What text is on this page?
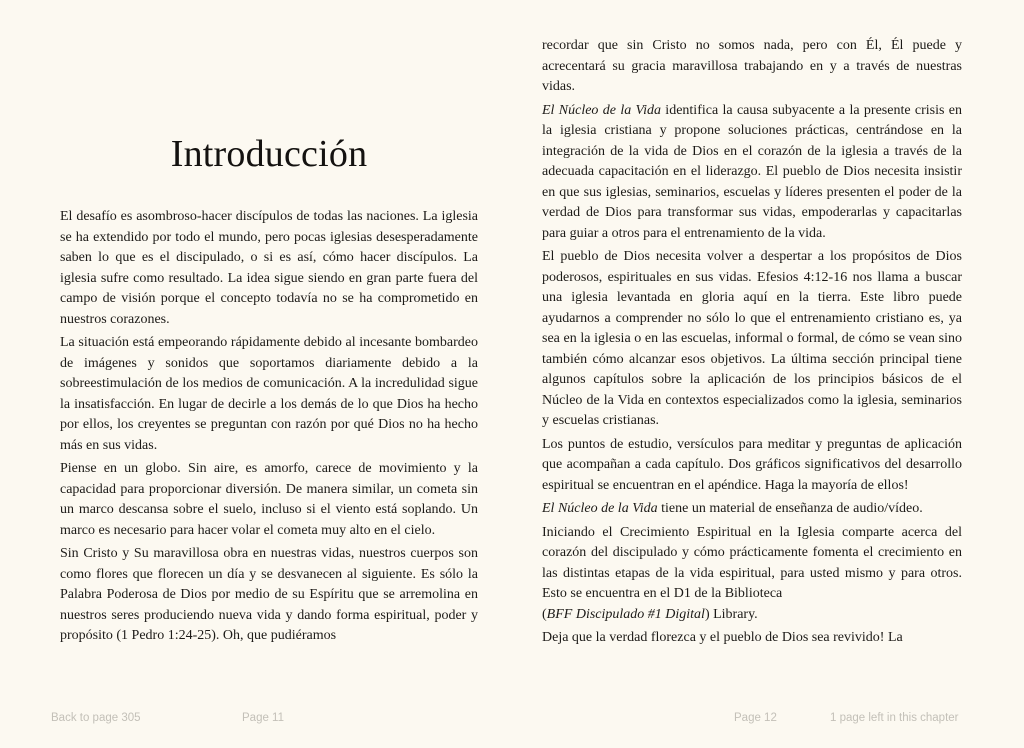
Introducción

El desafío es asombroso-hacer discípulos de todas las naciones. La iglesia se ha extendido por todo el mundo, pero pocas iglesias desesperadamente saben lo que es el discipulado, o si es así, cómo hacer discípulos. La iglesia sufre como resultado. La idea sigue siendo en gran parte fuera del campo de visión porque el concepto todavía no se ha comprometido en nuestros corazones.

La situación está empeorando rápidamente debido al incesante bombardeo de imágenes y sonidos que soportamos diariamente debido a la sobreestimulación de los medios de comunicación. A la incredulidad sigue la insatisfacción. En lugar de decirle a los demás de lo que Dios ha hecho por ellos, los creyentes se preguntan con razón por qué Dios no ha hecho más en sus vidas.

Piense en un globo. Sin aire, es amorfo, carece de movimiento y la capacidad para proporcionar diversión. De manera similar, un cometa sin un marco descansa sobre el suelo, incluso si el viento está soplando. Un marco es necesario para hacer volar el cometa muy alto en el cielo.

Sin Cristo y Su maravillosa obra en nuestras vidas, nuestros cuerpos son como flores que florecen un día y se desvanecen al siguiente. Es sólo la Palabra Poderosa de Dios por medio de su Espíritu que se arremolina en nuestros seres produciendo nueva vida y dando forma espiritual, poder y propósito (1 Pedro 1:24-25). Oh, que pudiéramos

Back to page 305	Page 11

recordar que sin Cristo no somos nada, pero con Él, Él puede y acrecentará su gracia maravillosa trabajando en y a través de nuestras vidas.

El Núcleo de la Vida identifica la causa subyacente a la presente crisis en la iglesia cristiana y propone soluciones prácticas, centrándose en la integración de la vida de Dios en el corazón de la iglesia a través de la adecuada capacitación en el liderazgo. El pueblo de Dios necesita insistir en que sus iglesias, seminarios, escuelas y líderes presenten el poder de la verdad de Dios para transformar sus vidas, empoderarlas y capacitarlas para guiar a otros para el entrenamiento de la vida.

El pueblo de Dios necesita volver a despertar a los propósitos de Dios poderosos, espirituales en sus vidas. Efesios 4:12-16 nos llama a buscar una iglesia levantada en gloria aquí en la tierra. Este libro puede ayudarnos a comprender no sólo lo que el entrenamiento cristiano es, ya sea en la iglesia o en las escuelas, informal o formal, de cómo se vean sino también cómo alcanzar esos objetivos. La última sección principal tiene algunos capítulos sobre la aplicación de los principios básicos de el Núcleo de la Vida en contextos especializados como la iglesia, seminarios y escuelas cristianas.

Los puntos de estudio, versículos para meditar y preguntas de aplicación que acompañan a cada capítulo. Dos gráficos significativos del desarrollo espiritual se encuentran en el apéndice. Haga la mayoría de ellos!

El Núcleo de la Vida tiene un material de enseñanza de audio/vídeo.

Iniciando el Crecimiento Espiritual en la Iglesia comparte acerca del corazón del discipulado y cómo prácticamente fomenta el crecimiento en las distintas etapas de la vida espiritual, para usted mismo y para otros. Esto se encuentra en el D1 de la Biblioteca
(BFF Discipulado #1 Digital) Library.

Deja que la verdad florezca y el pueblo de Dios sea revivido! La

Page 12	1 page left in this chapter
